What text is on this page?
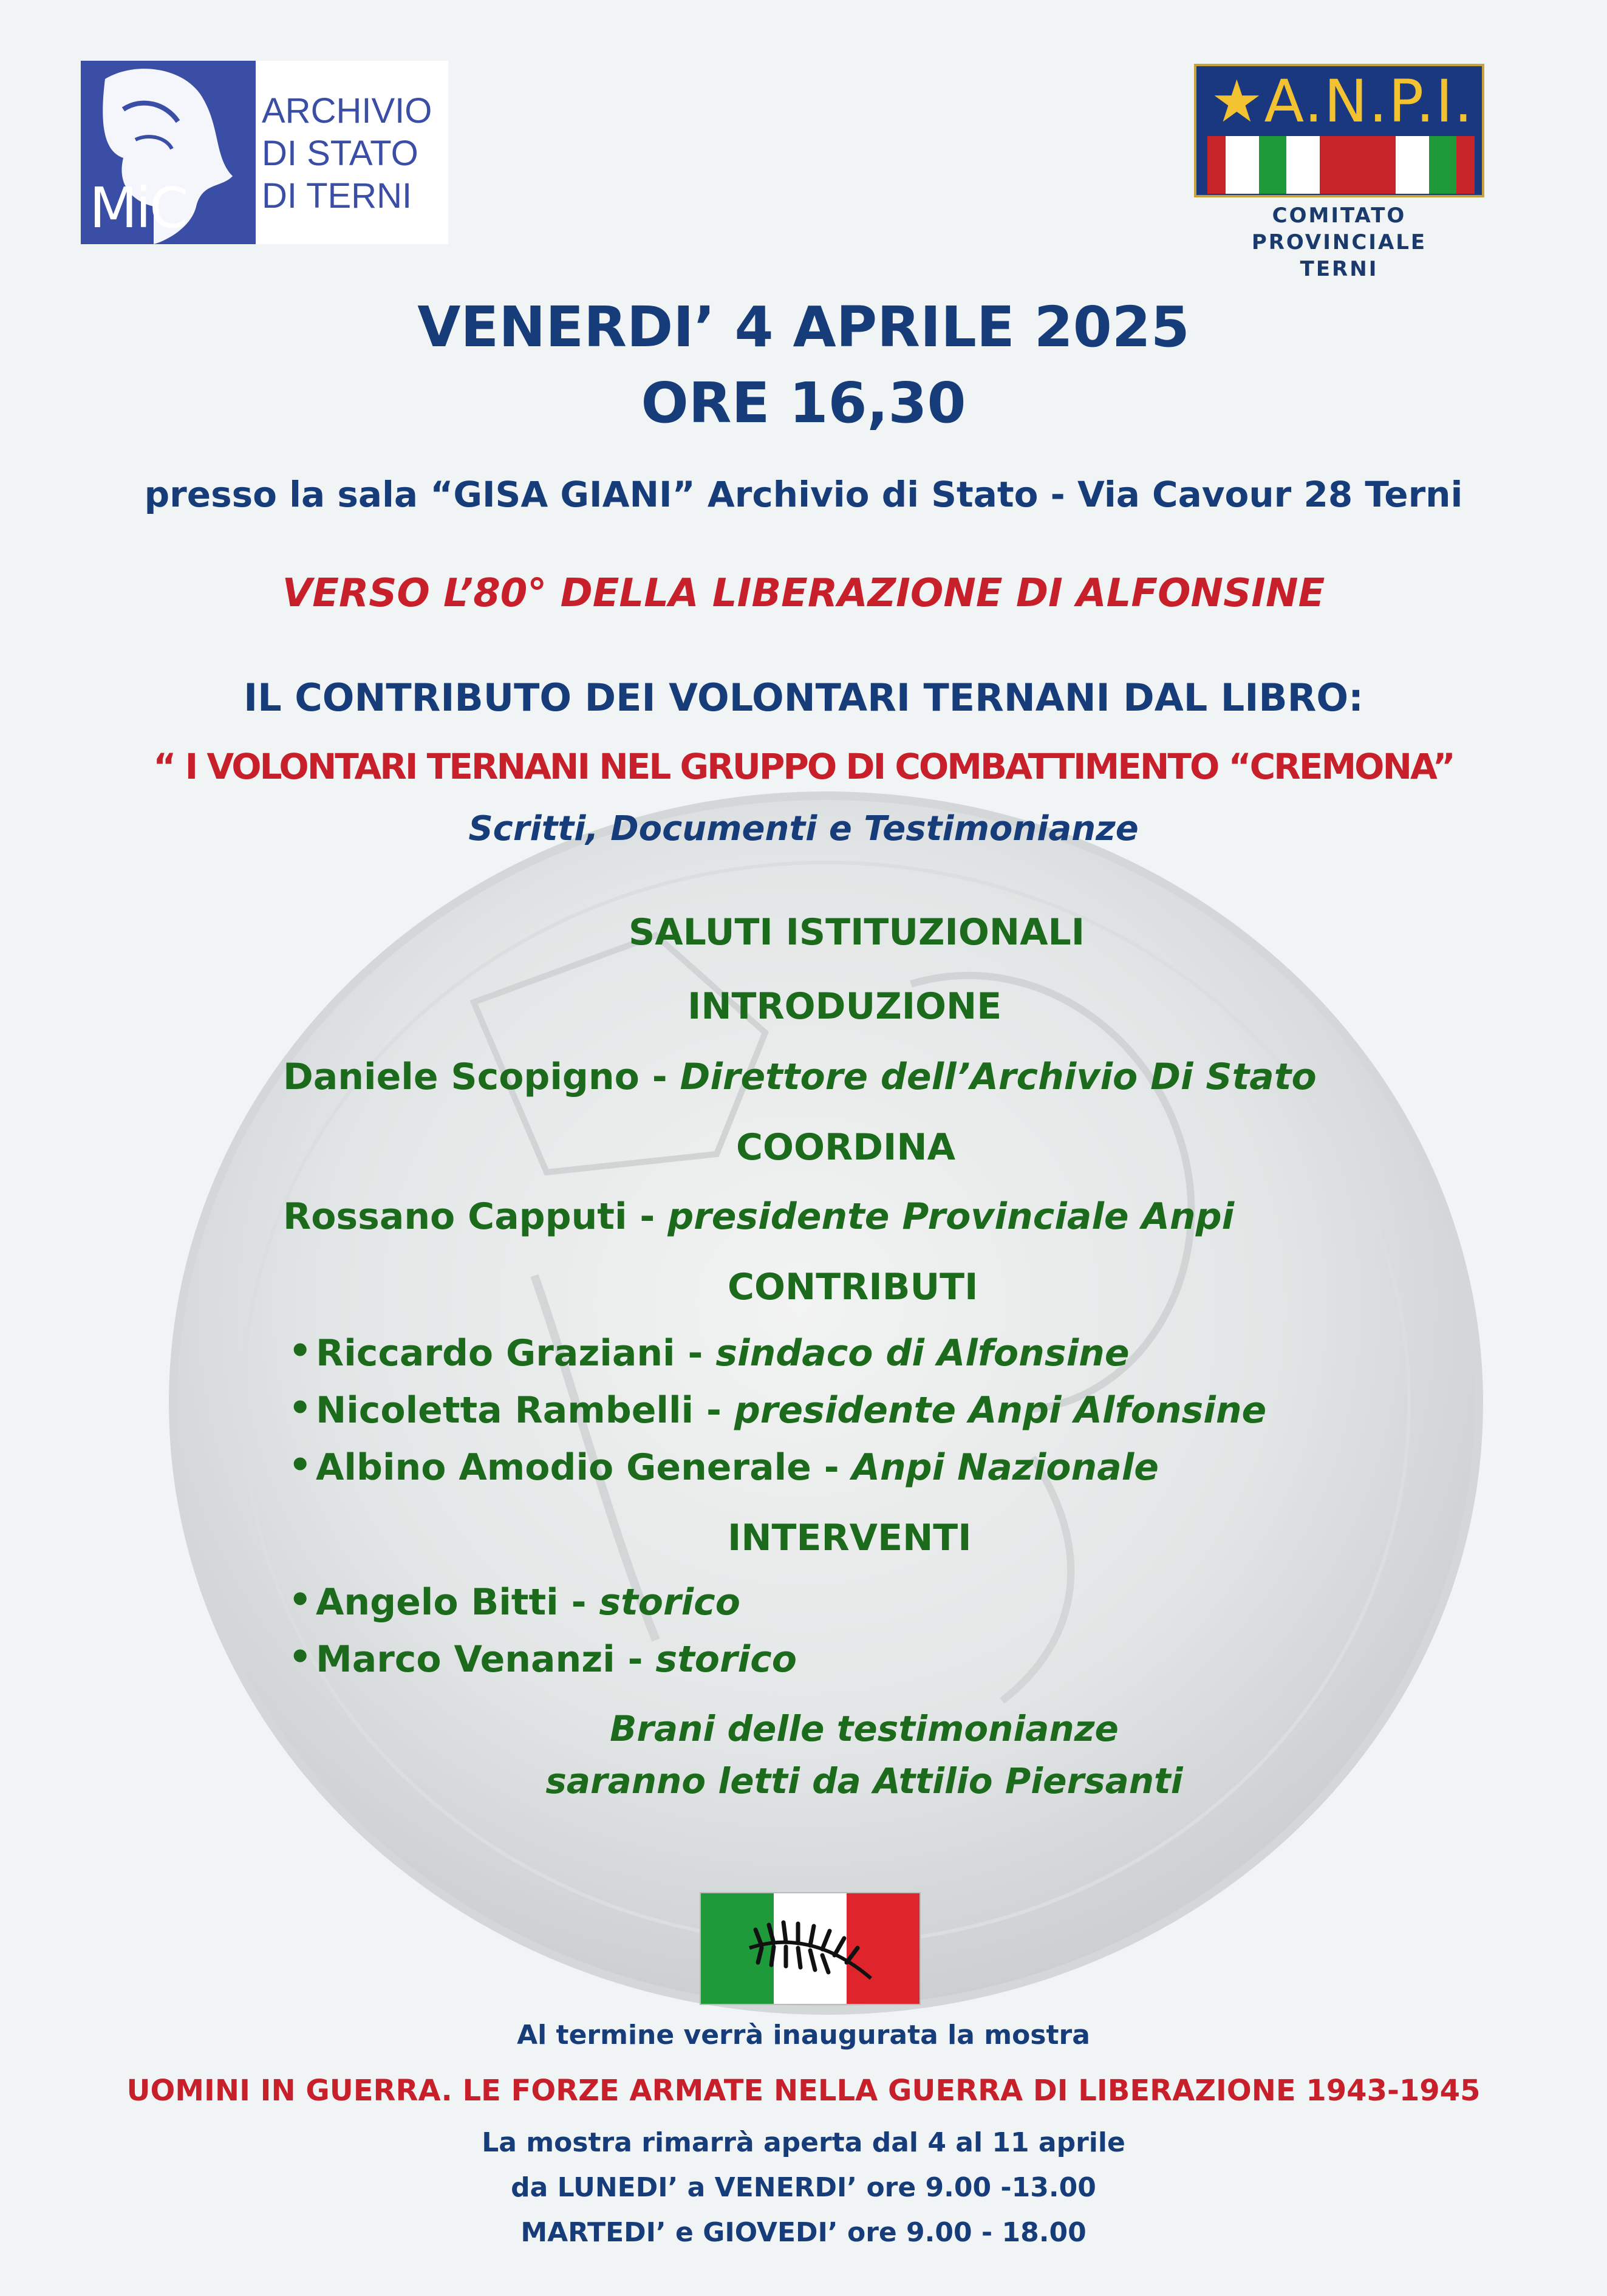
MiC
ARCHIVIO
DI STATO
DI TERNI
★A.N.P.I.
COMITATO
PROVINCIALE
TERNI
VENERDI’ 4 APRILE 2025
ORE 16,30
presso la sala “GISA GIANI” Archivio di Stato - Via Cavour 28 Terni
VERSO L’80° DELLA LIBERAZIONE DI ALFONSINE
IL CONTRIBUTO DEI VOLONTARI TERNANI DAL LIBRO:
“ I VOLONTARI TERNANI NEL GRUPPO DI COMBATTIMENTO “CREMONA”
Scritti, Documenti e Testimonianze
SALUTI ISTITUZIONALI
INTRODUZIONE
Daniele Scopigno - Direttore dell’Archivio Di Stato
COORDINA
Rossano Capputi - presidente Provinciale Anpi
CONTRIBUTI
• Riccardo Graziani - sindaco di Alfonsine
• Nicoletta Rambelli - presidente Anpi Alfonsine
• Albino Amodio Generale - Anpi Nazionale
INTERVENTI
• Angelo Bitti - storico
• Marco Venanzi - storico
Brani delle testimonianze
saranno letti da Attilio Piersanti
Al termine verrà inaugurata la mostra
UOMINI IN GUERRA. LE FORZE ARMATE NELLA GUERRA DI LIBERAZIONE 1943-1945
La mostra rimarrà aperta dal 4 al 11 aprile
da LUNEDI’ a VENERDI’ ore 9.00 -13.00
MARTEDI’ e GIOVEDI’ ore 9.00 - 18.00
